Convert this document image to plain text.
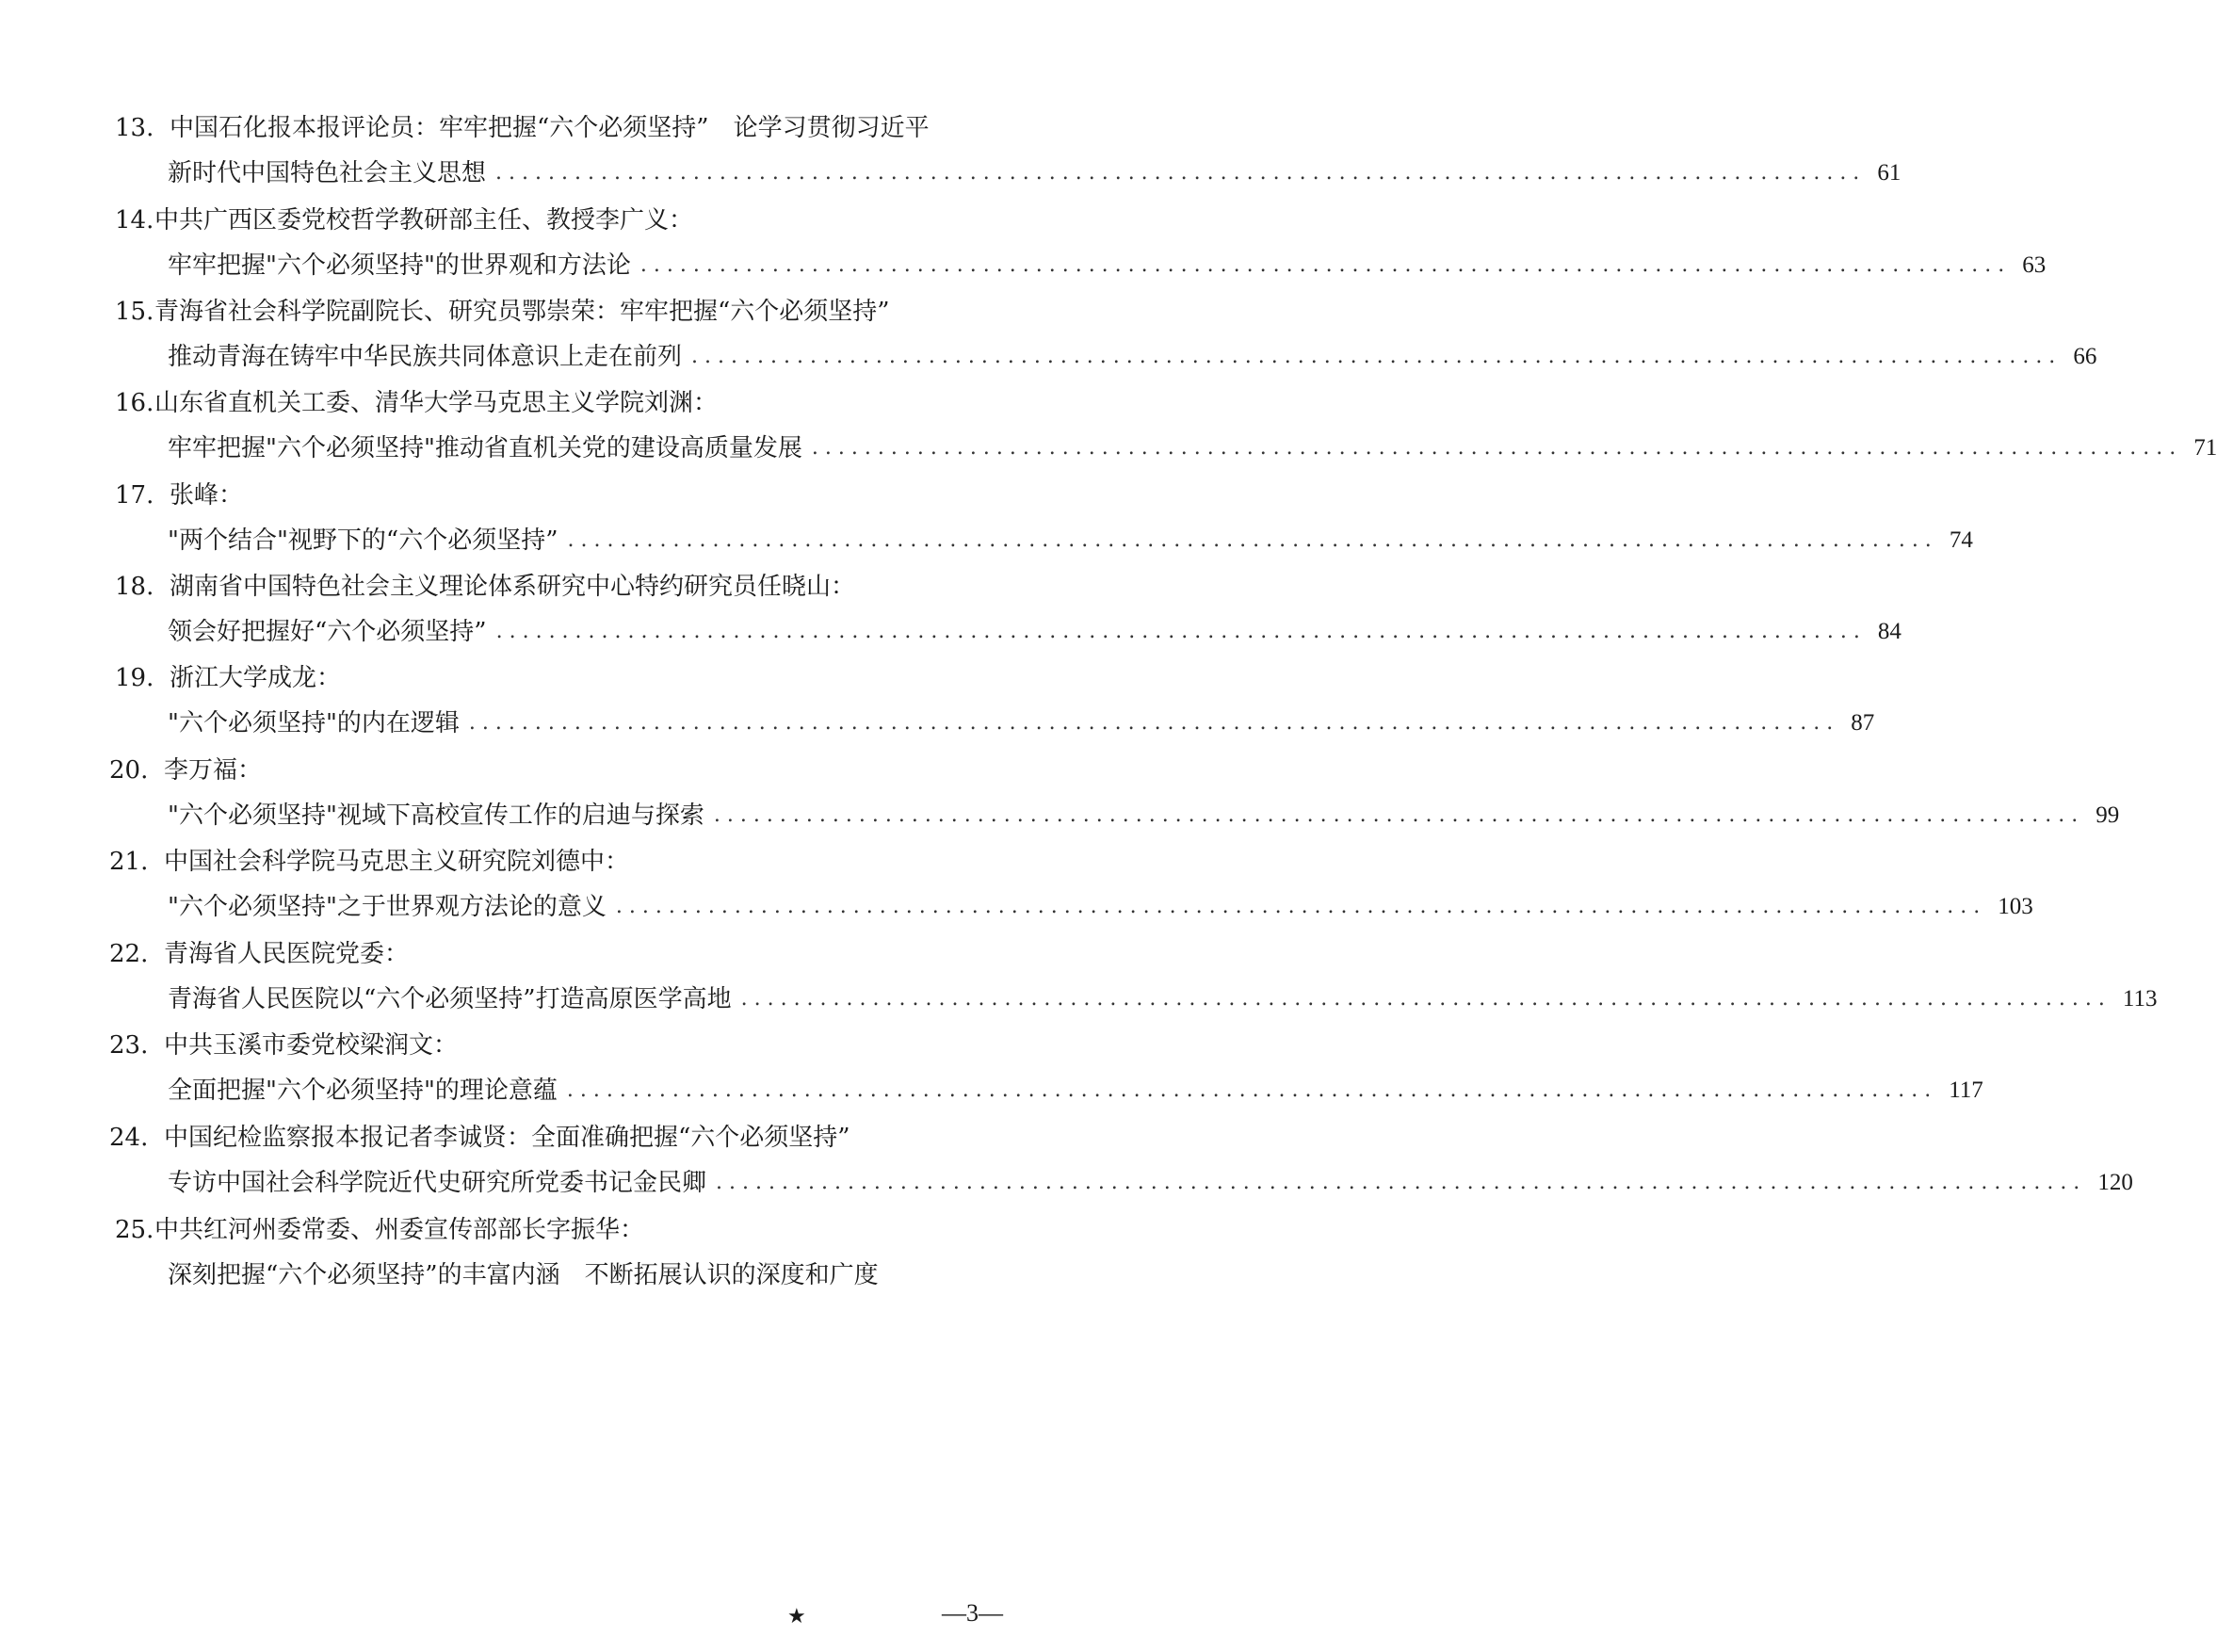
13. 中国石化报本报评论员：牢牢把握“六个必须坚持”　论学习贯彻习近平
新时代中国特色社会主义思想 ........................................................................................................ 61
14.中共广西区委党校哲学教研部主任、教授李广义：
牢牢把握"六个必须坚持"的世界观和方法论 ........................................................................................................ 63
15.青海省社会科学院副院长、研究员鄂崇荣：牢牢把握“六个必须坚持”
推动青海在铸牢中华民族共同体意识上走在前列 ........................................................................................................ 66
16.山东省直机关工委、清华大学马克思主义学院刘渊：
牢牢把握"六个必须坚持"推动省直机关党的建设高质量发展 ........................................................................................................ 71
17. 张峰：
"两个结合"视野下的“六个必须坚持” ........................................................................................................ 74
18. 湖南省中国特色社会主义理论体系研究中心特约研究员任晓山：
领会好把握好“六个必须坚持” ........................................................................................................ 84
19. 浙江大学成龙：
"六个必须坚持"的内在逻辑 ........................................................................................................ 87
20. 李万福：
"六个必须坚持"视域下高校宣传工作的启迪与探索 ........................................................................................................ 99
21. 中国社会科学院马克思主义研究院刘德中：
"六个必须坚持"之于世界观方法论的意义 ........................................................................................................ 103
22. 青海省人民医院党委：
青海省人民医院以“六个必须坚持”打造高原医学高地 ........................................................................................................ 113
23. 中共玉溪市委党校梁润文：
全面把握"六个必须坚持"的理论意蕴 ........................................................................................................ 117
24. 中国纪检监察报本报记者李诚贤：全面准确把握“六个必须坚持”
专访中国社会科学院近代史研究所党委书记金民卿 ........................................................................................................ 120
25.中共红河州委常委、州委宣传部部长字振华：
深刻把握“六个必须坚持”的丰富内涵　不断拓展认识的深度和广度
★	—3—
